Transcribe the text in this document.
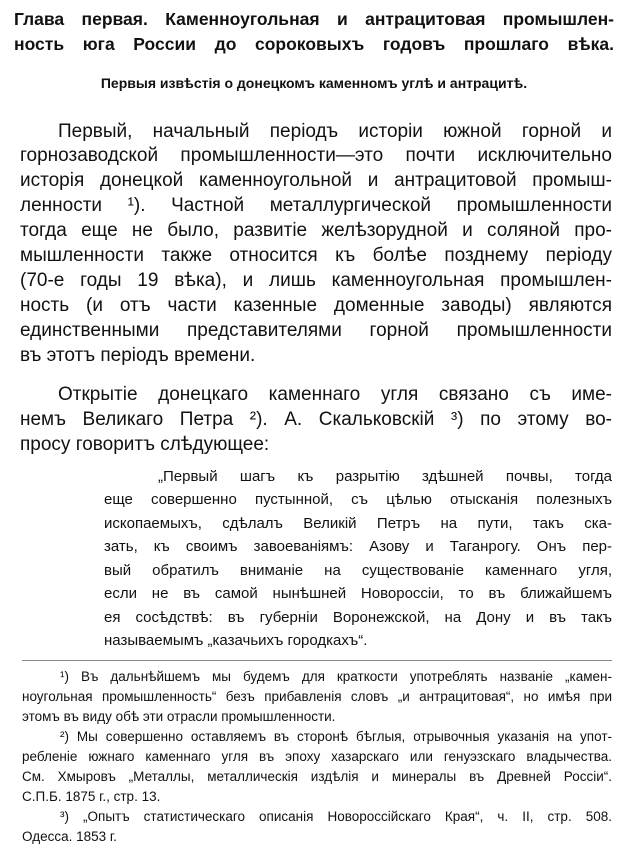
Глава первая. Каменноугольная и антрацитовая промышлен-
ность юга России до сороковыхъ годовъ прошлаго вѣка.
Первыя извѣстія о донецкомъ каменномъ углѣ и антрацитѣ.

Первый, начальный періодъ исторіи южной горной и

горнозаводской промышленности—это почти исключительно

исторія донецкой каменноугольной и антрацитовой промыш-

ленности ¹). Частной металлургической промышленности

тогда еще не было, развитіе желѣзорудной и соляной про-

мышленности также относится къ болѣе позднему періоду

(70-е годы 19 вѣка), и лишь каменноугольная промышлен-

ность (и отъ части казенные доменные заводы) являются

единственными представителями горной промышленности

въ этотъ періодъ времени.

Открытіе донецкаго каменнаго угля связано съ име-

немъ Великаго Петра ²). А. Скальковскій ³) по этому во-

просу говоритъ слѣдующее:

„Первый шагъ къ разрытію здѣшней почвы, тогда

еще совершенно пустынной, съ цѣлью отысканія полезныхъ

ископаемыхъ, сдѣлалъ Великій Петръ на пути, такъ ска-

зать, къ своимъ завоеваніямъ: Азову и Таганрогу. Онъ пер-

вый обратилъ вниманіе на существованіе каменнаго угля,

если не въ самой нынѣшней Новороссіи, то въ ближайшемъ

ея сосѣдствѣ: въ губерніи Воронежской, на Дону и въ такъ

называемымъ „казачьихъ городкахъ“.

¹) Въ дальнѣйшемъ мы будемъ для краткости употреблять названіе „камен-

ноугольная промышленность“ безъ прибавленія словъ „и антрацитовая“, но имѣя при

этомъ въ виду обѣ эти отрасли промышленности.

²) Мы совершенно оставляемъ въ сторонѣ бѣглыя, отрывочныя указанія на упот-

ребленіе южнаго каменнаго угля въ эпоху хазарскаго или генуэзскаго владычества.

См. Хмыровъ „Металлы, металлическія издѣлія и минералы въ Древней Россіи“.

С.П.Б. 1875 г., стр. 13.

³) „Опытъ статистическаго описанія Новороссійскаго Края“, ч. II, стр. 508.

Одесса. 1853 г.
